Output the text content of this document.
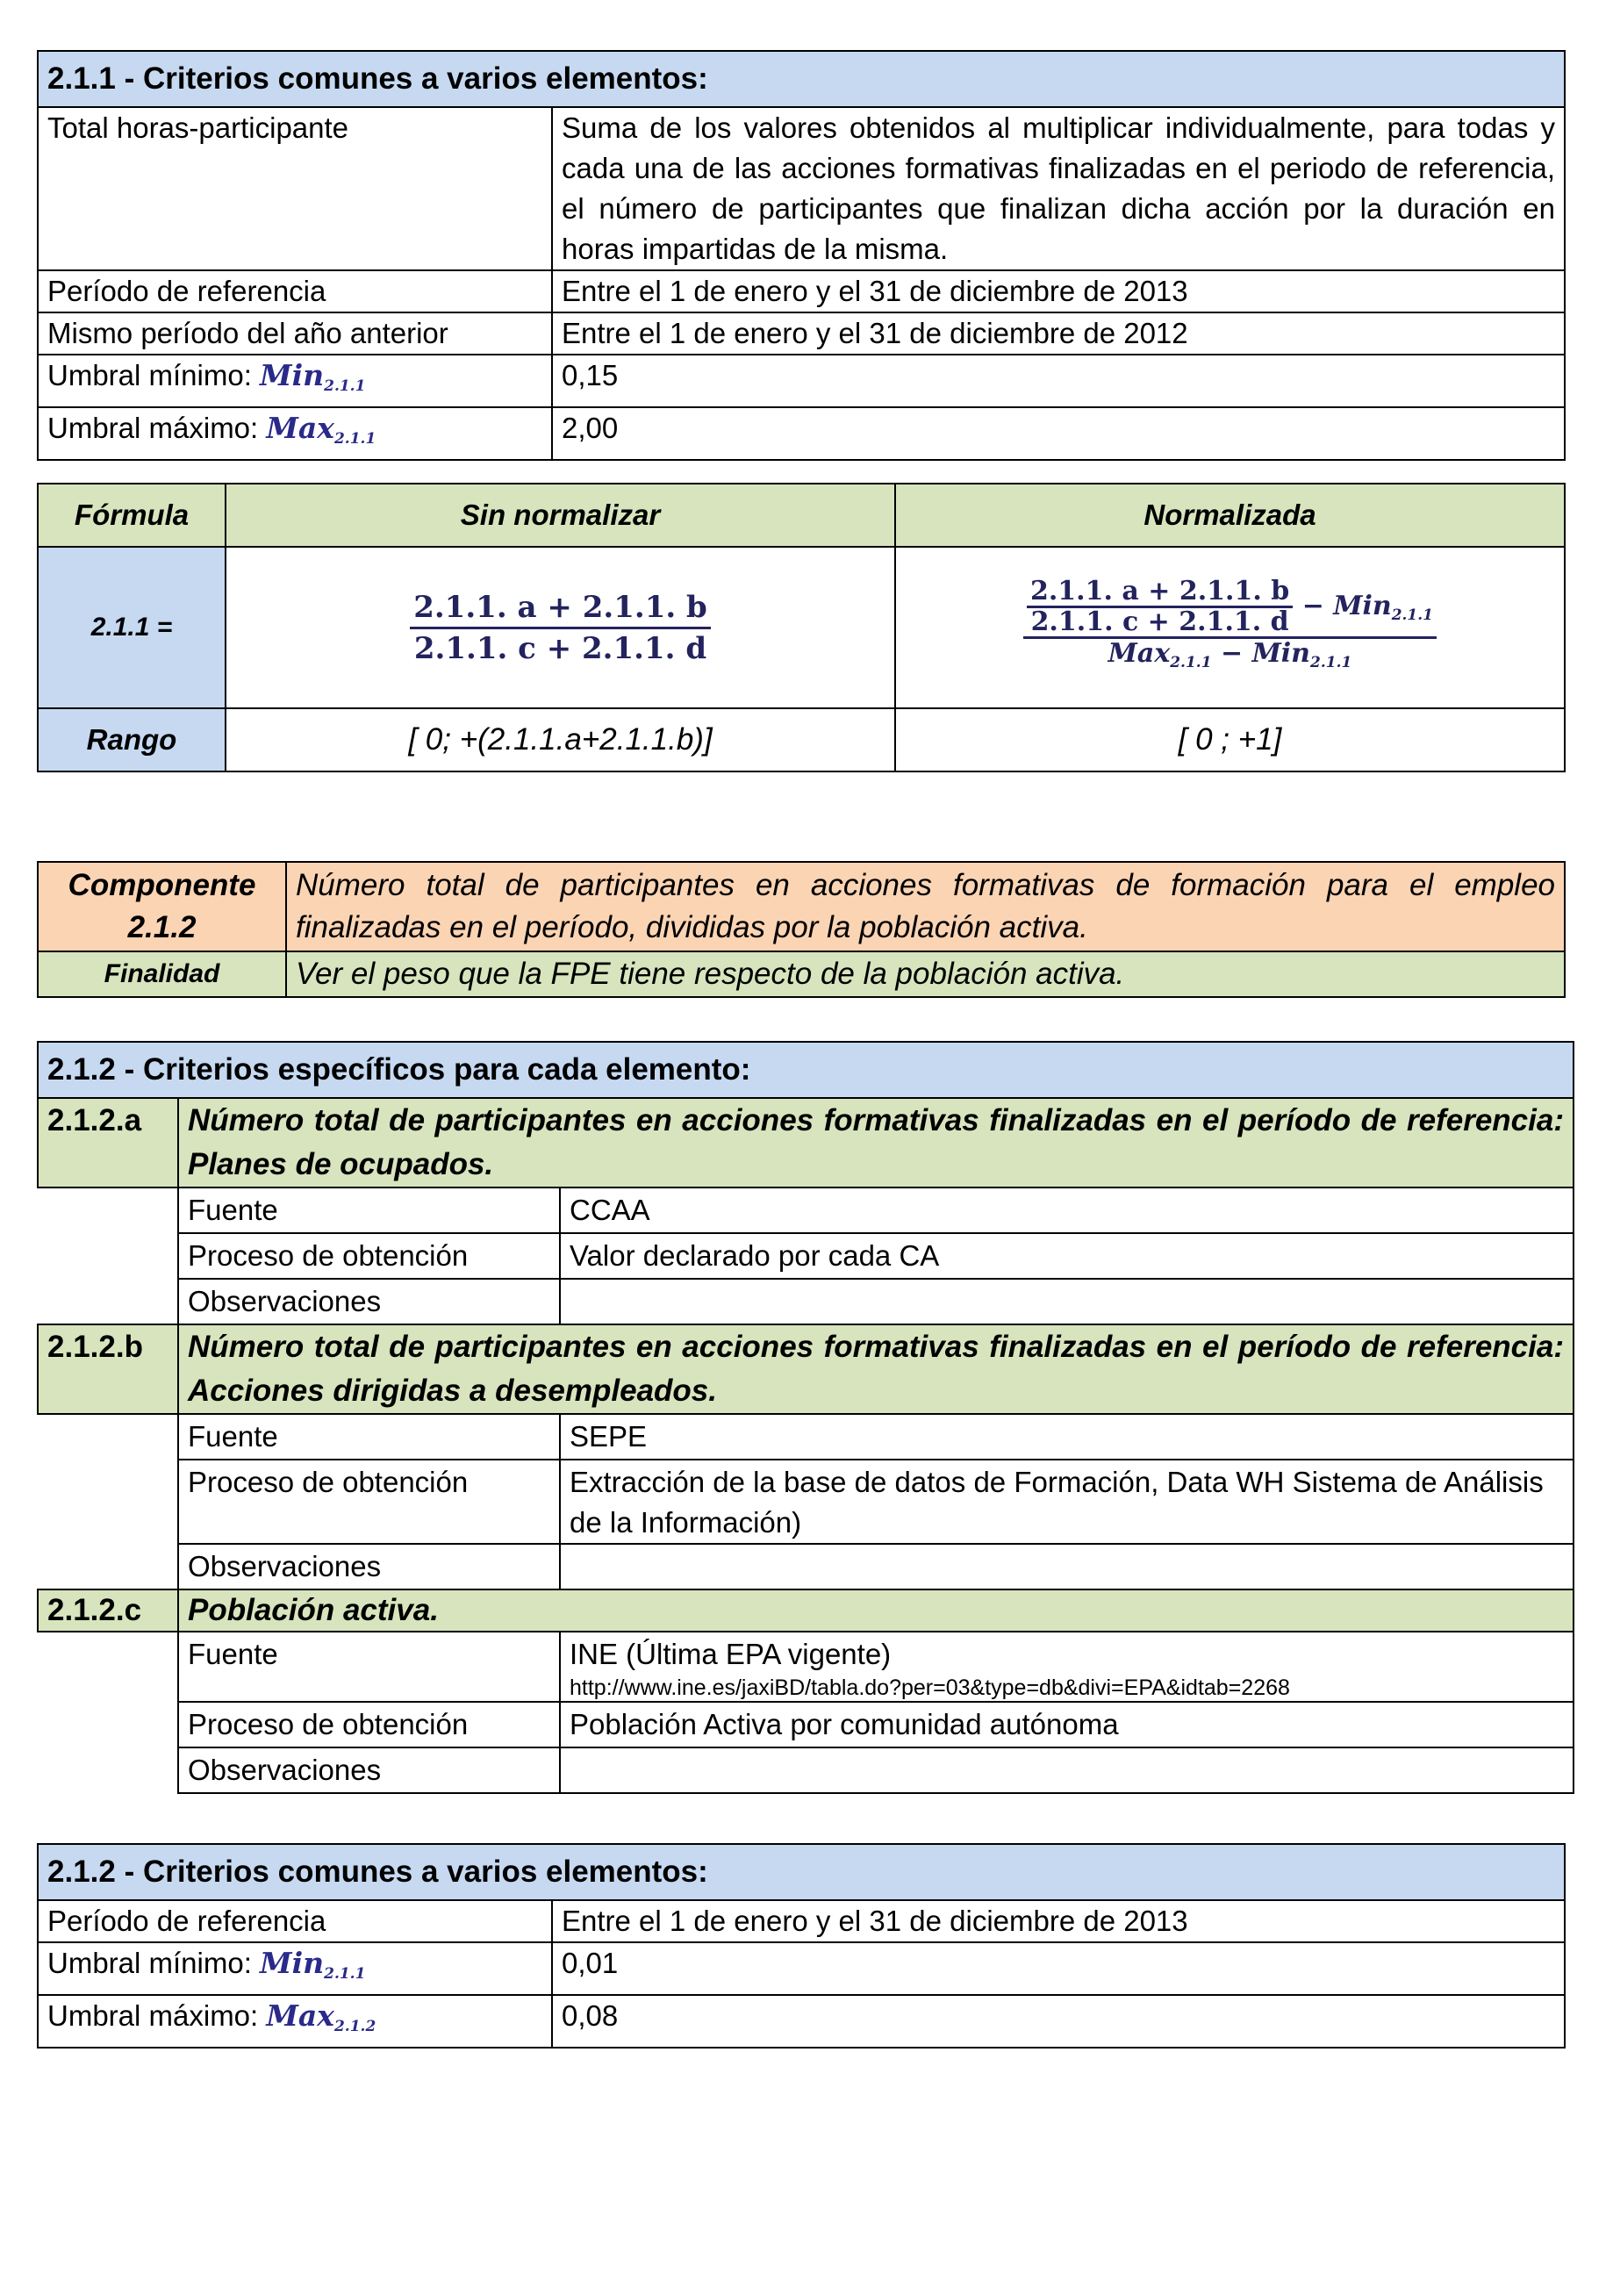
2.1.1 - Criterios comunes a varios elementos:	
Total horas-participante	Suma de los valores obtenidos al multiplicar individualmente, para todas y cada una de las acciones formativas finalizadas en el periodo de referencia, el número de participantes que finalizan dicha acción por la duración en horas impartidas de la misma.
Período de referencia	Entre el 1 de enero y el 31 de diciembre de 2013
Mismo período del año anterior	Entre el 1 de enero y el 31 de diciembre de 2012
Umbral mínimo: Min$_{2.1.1}$	0,15
Umbral máximo: Max$_{2.1.1}$	2,00
Fórmula	Sin normalizar	Normalizada
2.1.1 =	$\frac{2.1.1. a + 2.1.1. b}{2.1.1. c + 2.1.1. d}$	$\frac{2.1.1. a + 2.1.1. b}{2.1.1. c + 2.1.1. d} - Min_{2.1.1}$
Max$_{2.1.1}$ − Min$_{2.1.1}$

Rango	[ 0; +(2.1.1.a+2.1.1.b)]	[ 0 ; +1]
Componente
2.1.2	Número total de participantes en acciones formativas de formación para el empleo finalizadas en el período, divididas por la población activa.
Finalidad	Ver el peso que la FPE tiene respecto de la población activa.
2.1.2 - Criterios específicos para cada elemento:		
2.1.2.a	Número total de participantes en acciones formativas finalizadas en el período de referencia: Planes de ocupados.	
	Fuente	CCAA
	Proceso de obtención	Valor declarado por cada CA
	Observaciones	
2.1.2.b	Número total de participantes en acciones formativas finalizadas en el período de referencia: Acciones dirigidas a desempleados.	
	Fuente	SEPE
	Proceso de obtención	Extracción de la base de datos de Formación, Data WH Sistema de Análisis de la Información)
	Observaciones	
2.1.2.c	Población activa.	
	Fuente	INE (Última EPA vigente)
http://www.ine.es/jaxiBD/tabla.do?per=03&type=db&divi=EPA&idtab=2268

	Proceso de obtención	Población Activa por comunidad autónoma
	Observaciones	
2.1.2 - Criterios comunes a varios elementos:	
Período de referencia	Entre el 1 de enero y el 31 de diciembre de 2013
Umbral mínimo: Min$_{2.1.1}$	0,01
Umbral máximo: Max$_{2.1.2}$	0,08
